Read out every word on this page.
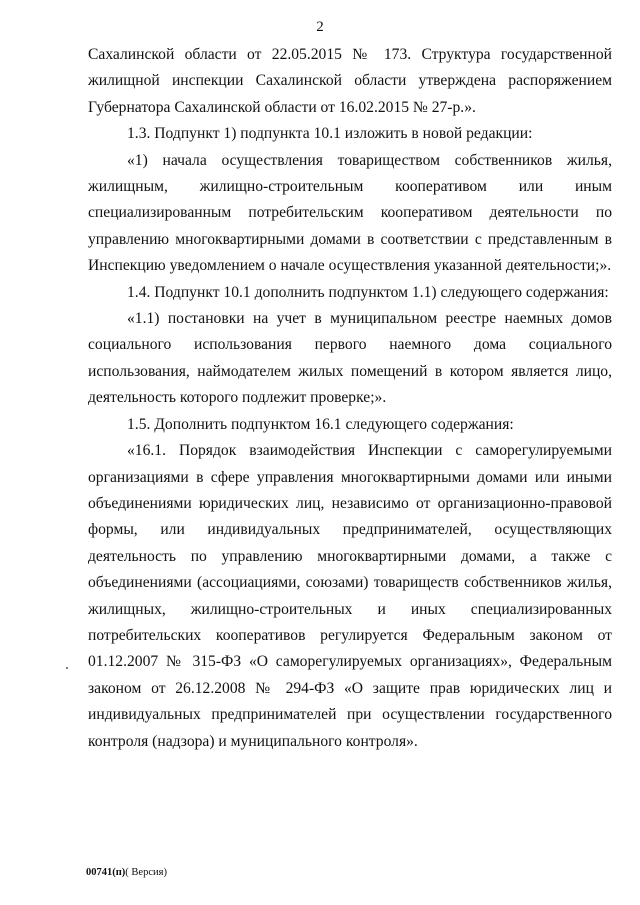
2

Сахалинской области от 22.05.2015 № 173. Структура государственной жилищной инспекции Сахалинской области утверждена распоряжением Губернатора Сахалинской области от 16.02.2015 № 27-р.».

1.3. Подпункт 1) подпункта 10.1 изложить в новой редакции:

«1) начала осуществления товариществом собственников жилья, жилищным, жилищно-строительным кооперативом или иным специализированным потребительским кооперативом деятельности по управлению многоквартирными домами в соответствии с представленным в Инспекцию уведомлением о начале осуществления указанной деятельности;».

1.4. Подпункт 10.1 дополнить подпунктом 1.1) следующего содержания:

«1.1) постановки на учет в муниципальном реестре наемных домов социального использования первого наемного дома социального использования, наймодателем жилых помещений в котором является лицо, деятельность которого подлежит проверке;».

1.5. Дополнить подпунктом 16.1 следующего содержания:

«16.1. Порядок взаимодействия Инспекции с саморегулируемыми организациями в сфере управления многоквартирными домами или иными объединениями юридических лиц, независимо от организационно-правовой формы, или индивидуальных предпринимателей, осуществляющих деятельность по управлению многоквартирными домами, а также с объединениями (ассоциациями, союзами) товариществ собственников жилья, жилищных, жилищно-строительных и иных специализированных потребительских кооперативов регулируется Федеральным законом от 01.12.2007 № 315-ФЗ «О саморегулируемых организациях», Федеральным законом от 26.12.2008 № 294-ФЗ «О защите прав юридических лиц и индивидуальных предпринимателей при осуществлении государственного контроля (надзора) и муниципального контроля».

00741(п)( Версия)
